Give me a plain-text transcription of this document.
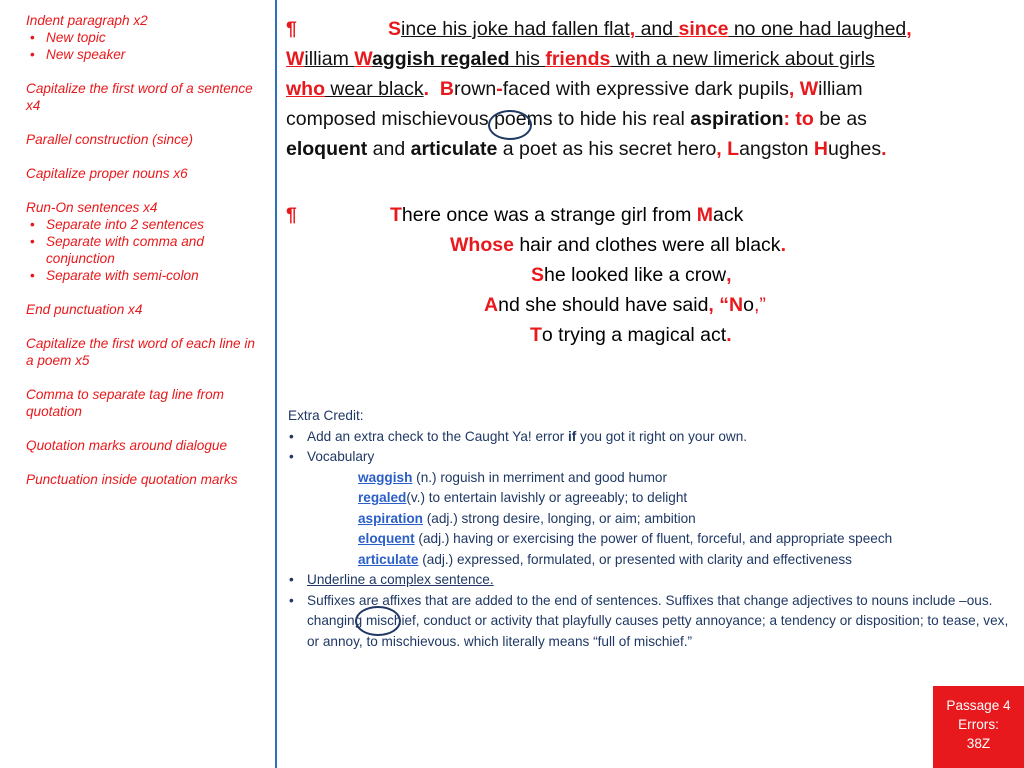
Indent paragraph x2
• New topic
• New speaker
Capitalize the first word of a sentence x4
Parallel construction (since)
Capitalize proper nouns x6
Run-On sentences x4
• Separate into 2 sentences
• Separate with comma and conjunction
• Separate with semi-colon
End punctuation x4
Capitalize the first word of each line in a poem x5
Comma to separate tag line from quotation
Quotation marks around dialogue
Punctuation inside quotation marks

¶	Since his joke had fallen flat, and since no one had laughed,
William Waggish regaled his friends with a new limerick about girls
who wear black. Brown-faced with expressive dark pupils, William
composed mischievous poems to hide his real aspiration: to be as
eloquent and articulate a poet as his secret hero, Langston Hughes.

¶	There once was a strange girl from Mack
Whose hair and clothes were all black.
She looked like a crow,
And she should have said, “No,”
To trying a magical act.
Extra Credit:
• Add an extra check to the Caught Ya! error if you got it right on your own.
• Vocabulary
waggish (n.) roguish in merriment and good humor
regaled(v.) to entertain lavishly or agreeably; to delight
aspiration (adj.) strong desire, longing, or aim; ambition
eloquent (adj.) having or exercising the power of fluent, forceful, and appropriate speech
articulate (adj.) expressed, formulated, or presented with clarity and effectiveness
• Underline a complex sentence.
• Suffixes are affixes that are added to the end of sentences. Suffixes that change adjectives to nouns include –ous. changing mischief, conduct or activity that playfully causes petty annoyance; a tendency or disposition; to tease, vex, or annoy, to mischievous. which literally means “full of mischief.”
Passage 4
Errors:
38Z
